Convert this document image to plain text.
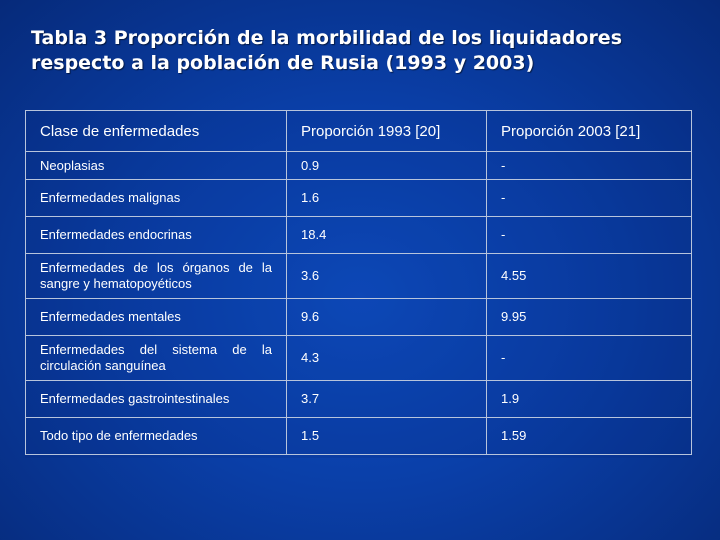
Tabla 3 Proporción de la morbilidad de los liquidadores respecto a la población de Rusia (1993 y 2003)
Clase de enfermedades	Proporción 1993 [20]	Proporción 2003 [21]
Neoplasias	0.9	-
Enfermedades malignas	1.6	-
Enfermedades endocrinas	18.4	-
Enfermedades de los órganos de la sangre y hematopoyéticos	3.6	4.55
Enfermedades mentales	9.6	9.95
Enfermedades del sistema de la circulación sanguínea	4.3	-
Enfermedades gastrointestinales	3.7	1.9
Todo tipo de enfermedades	1.5	1.59
